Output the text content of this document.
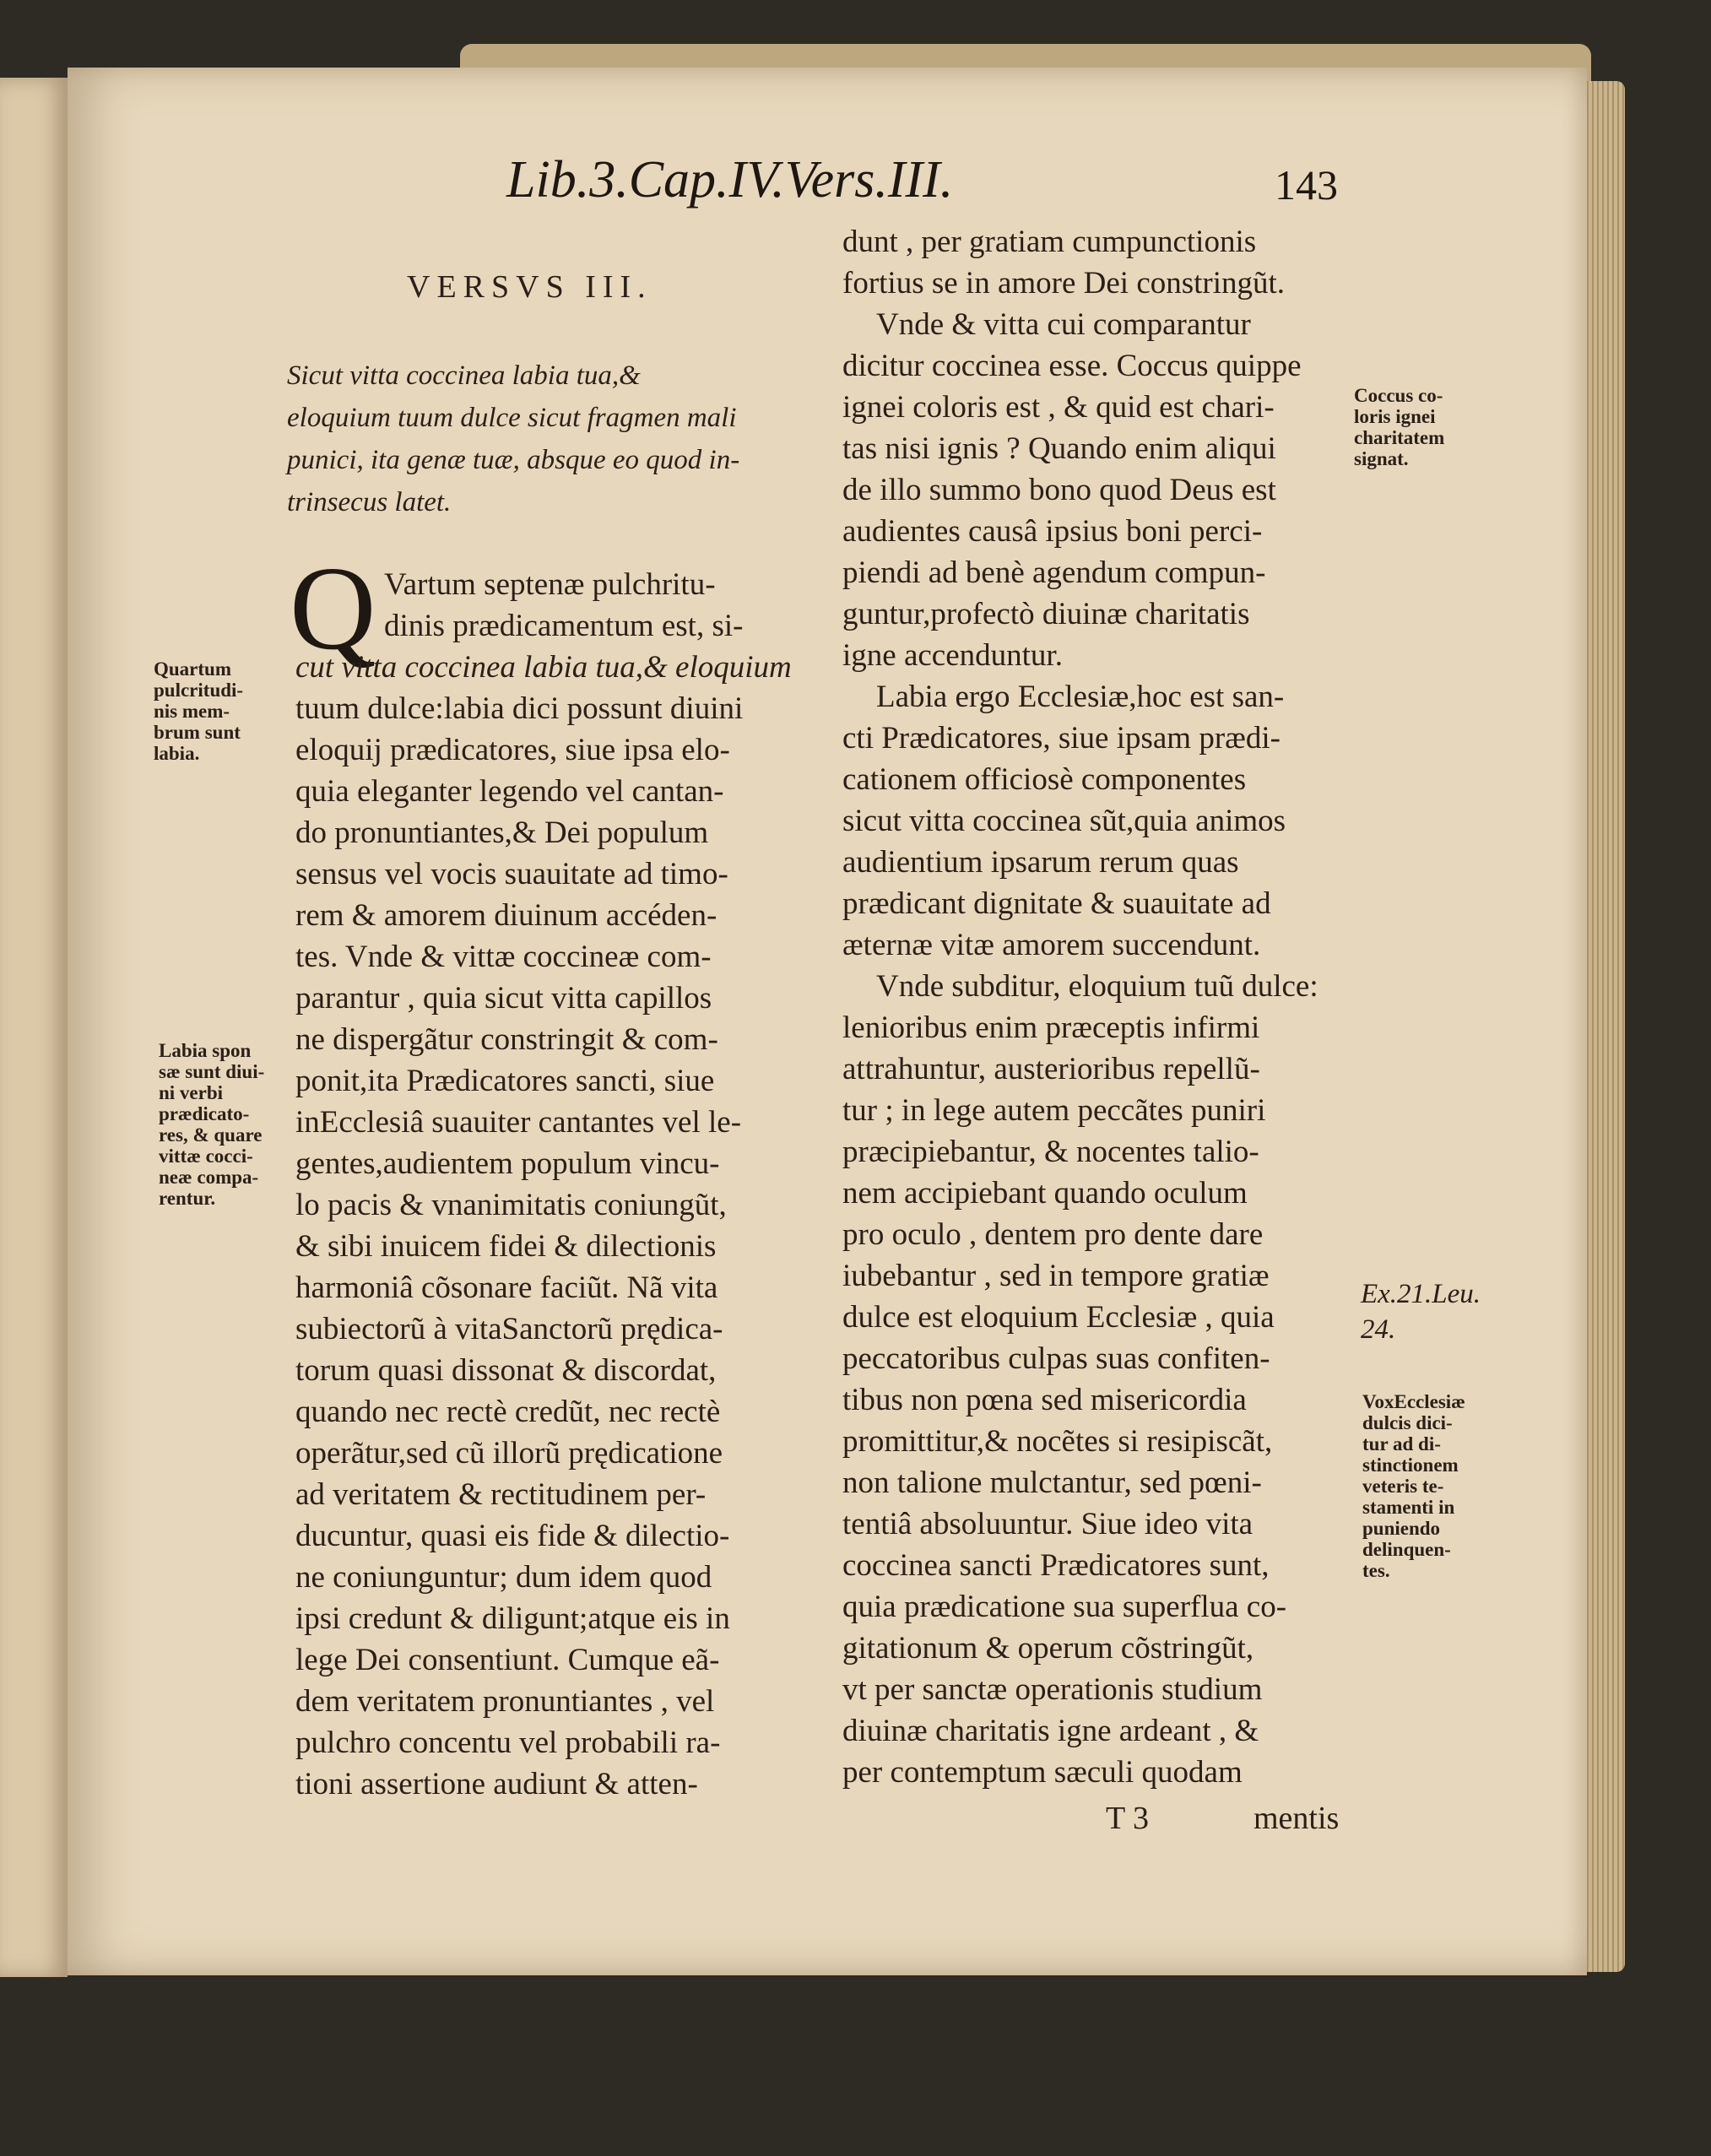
Lib.3.Cap.IV.Vers.III.	143
VERSVS III.
Sicut vitta coccinea labia tua,&
eloquium tuum dulce sicut fragmen mali
punici, ita genæ tuæ, absque eo quod in-
trinsecus latet.
Q Vartum septenæ pulchritu-
dinis prædicamentum est, si-
cut vitta coccinea labia tua,& eloquium
tuum dulce:labia dici possunt diuini
eloquij prædicatores, siue ipsa elo-
quia eleganter legendo vel cantan-
do pronuntiantes,& Dei populum
sensus vel vocis suauitate ad timo-
rem & amorem diuinum accéden-
tes. Vnde & vittæ coccineæ com-
parantur , quia sicut vitta capillos
ne dispergãtur constringit & com-
ponit,ita Prædicatores sancti, siue
inEcclesiâ suauiter cantantes vel le-
gentes,audientem populum vincu-
lo pacis & vnanimitatis coniungũt,
& sibi inuicem fidei & dilectionis
harmoniâ cõsonare faciũt. Nã vita
subiectorũ à vitaSanctorũ prędica-
torum quasi dissonat & discordat,
quando nec rectè credũt, nec rectè
operãtur,sed cũ illorũ prędicatione
ad veritatem & rectitudinem per-
ducuntur, quasi eis fide & dilectio-
ne coniunguntur; dum idem quod
ipsi credunt & diligunt;atque eis in
lege Dei consentiunt. Cumque eã-
dem veritatem pronuntiantes , vel
pulchro concentu vel probabili ra-
tioni assertione audiunt & atten-
dunt , per gratiam cumpunctionis
fortius se in amore Dei constringũt.
Vnde & vitta cui comparantur
dicitur coccinea esse. Coccus quippe
ignei coloris est , & quid est chari-
tas nisi ignis ? Quando enim aliqui
de illo summo bono quod Deus est
audientes causâ ipsius boni perci-
piendi ad benè agendum compun-
guntur,profectò diuinæ charitatis
igne accenduntur.
Labia ergo Ecclesiæ,hoc est san-
cti Prædicatores, siue ipsam prædi-
cationem officiosè componentes
sicut vitta coccinea sũt,quia animos
audientium ipsarum rerum quas
prædicant dignitate & suauitate ad
æternæ vitæ amorem succendunt.
Vnde subditur, eloquium tuũ dulce:
lenioribus enim præceptis infirmi
attrahuntur, austerioribus repellũ-
tur ; in lege autem peccãtes puniri
præcipiebantur, & nocentes talio-
nem accipiebant quando oculum
pro oculo , dentem pro dente dare
iubebantur , sed in tempore gratiæ
dulce est eloquium Ecclesiæ , quia
peccatoribus culpas suas confiten-
tibus non pœna sed misericordia
promittitur,& nocẽtes si resipiscãt,
non talione mulctantur, sed pœni-
tentiâ absoluuntur. Siue ideo vita
coccinea sancti Prædicatores sunt,
quia prædicatione sua superflua co-
gitationum & operum cõstringũt,
vt per sanctæ operationis studium
diuinæ charitatis igne ardeant , &
per contemptum sæculi quodam
Quartum
pulcritudi-
nis mem-
brum sunt
labia.
Labia spon
sæ sunt diui-
ni verbi
prædicato-
res, & quare
vittæ cocci-
neæ compa-
rentur.
Coccus co-
loris ignei
charitatem
signat.
Ex.21.Leu.
24.
VoxEcclesiæ
dulcis dici-
tur ad di-
stinctionem
veteris te-
stamenti in
puniendo
delinquen-
tes.
T 3	mentis
